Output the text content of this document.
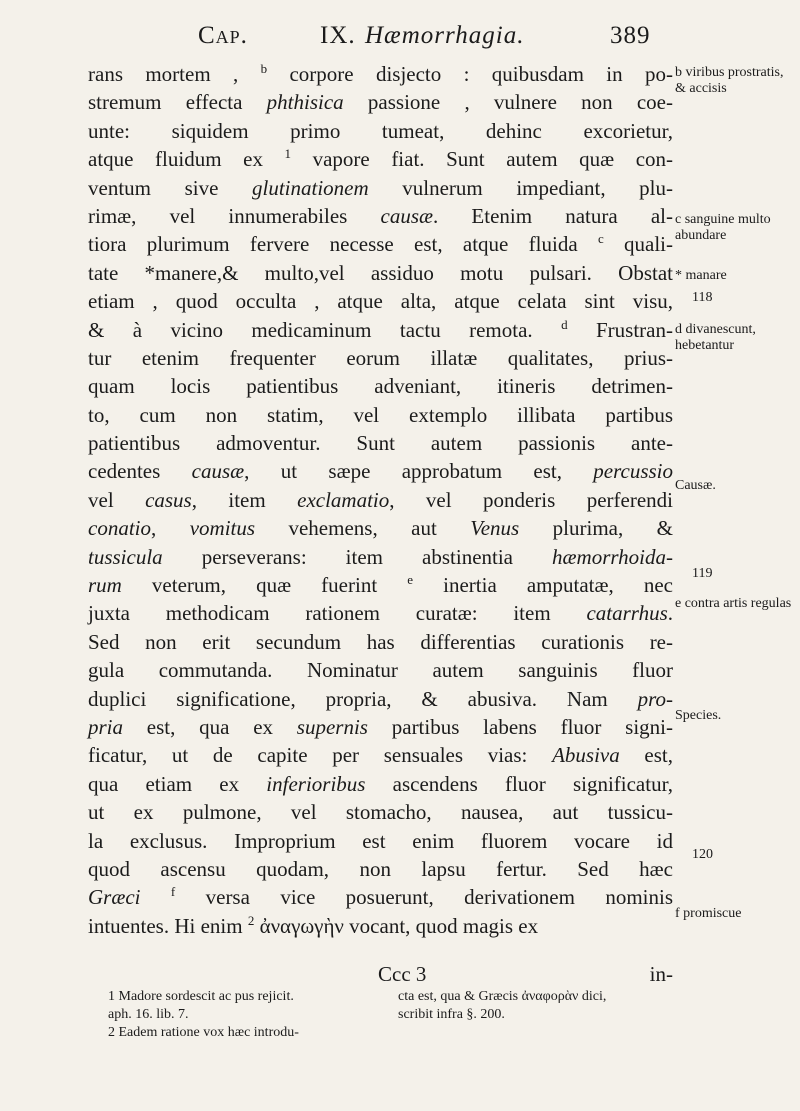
Cap.	IX. Hæmorrhagia.	389
rans mortem , $^b$ corpore disjecto : quibusdam in po-
stremum effecta phthisica passione , vulnere non coe-
unte: siquidem primo tumeat, dehinc excorietur,
atque fluidum ex $^1$ vapore fiat. Sunt autem quæ con-
ventum sive glutinationem vulnerum impediant, plu-
rimæ, vel innumerabiles causæ. Etenim natura al-
tiora plurimum fervere necesse est, atque fluida $^c$ quali-
tate *manere,& multo,vel assiduo motu pulsari. Obstat
etiam , quod occulta , atque alta, atque celata sint visu,
& à vicino medicaminum tactu remota. $^d$ Frustran-
tur etenim frequenter eorum illatæ qualitates, prius-
quam locis patientibus adveniant, itineris detrimen-
to, cum non statim, vel extemplo illibata partibus
patientibus admoventur. Sunt autem passionis ante-
cedentes causæ, ut sæpe approbatum est, percussio
vel casus, item exclamatio, vel ponderis perferendi
conatio, vomitus vehemens, aut Venus plurima, &
tussicula perseverans: item abstinentia hæmorrhoida-
rum veterum, quæ fuerint $^e$ inertia amputatæ, nec
juxta methodicam rationem curatæ: item catarrhus.
Sed non erit secundum has differentias curationis re-
gula commutanda. Nominatur autem sanguinis fluor
duplici significatione, propria, & abusiva. Nam pro-
pria est, qua ex supernis partibus labens fluor signi-
ficatur, ut de capite per sensuales vias: Abusiva est,
qua etiam ex inferioribus ascendens fluor significatur,
ut ex pulmone, vel stomacho, nausea, aut tussicu-
la exclusus. Improprium est enim fluorem vocare id
quod ascensu quodam, non lapsu fertur. Sed hæc
Græci $^f$ versa vice posuerunt, derivationem nominis
intuentes. Hi enim $^2$ ἀναγωγὴν vocant, quod magis ex
b viribus prostratis, & accisis
c sanguine multo abundare
* manare
118
d divanescunt, hebetantur
Causæ.
119
e contra artis regulas
Species.
120
f promiscue
Ccc 3	in-
1 Madore sordescit ac pus rejicit.
aph. 16. lib. 7.
2 Eadem ratione vox hæc introdu-
cta est, qua & Græcis ἀναφορὰν dici,
scribit infra §. 200.
